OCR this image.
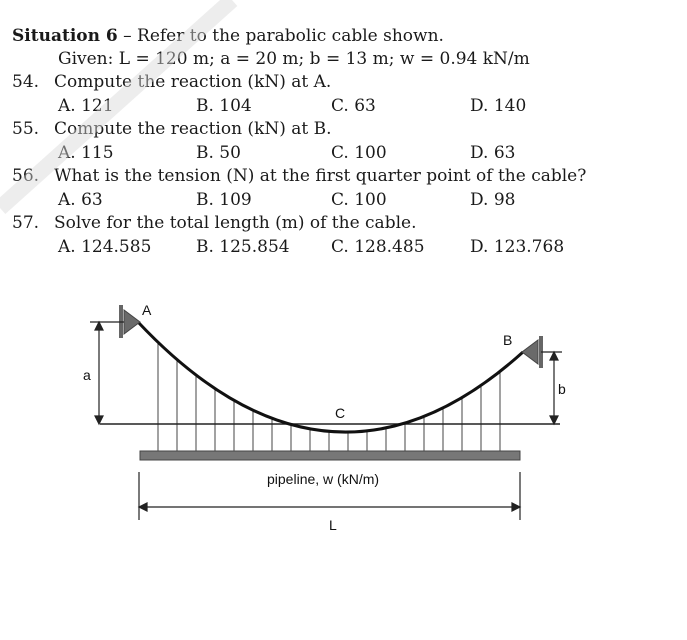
Situation 6 – Refer to the parabolic cable shown.
Given: L = 120 m; a = 20 m; b = 13 m; w = 0.94 kN/m
54. Compute the reaction (kN) at A.
A. 121	B. 104	C. 63	D. 140
55. Compute the reaction (kN) at B.
A. 115	B. 50	C. 100	D. 63
56. What is the tension (N) at the first quarter point of the cable?
A. 63	B. 109	C. 100	D. 98
57. Solve for the total length (m) of the cable.
A. 124.585	B. 125.854 C. 128.485	D. 123.768
A
B
C
a
b
pipeline, w (kN/m)
L
